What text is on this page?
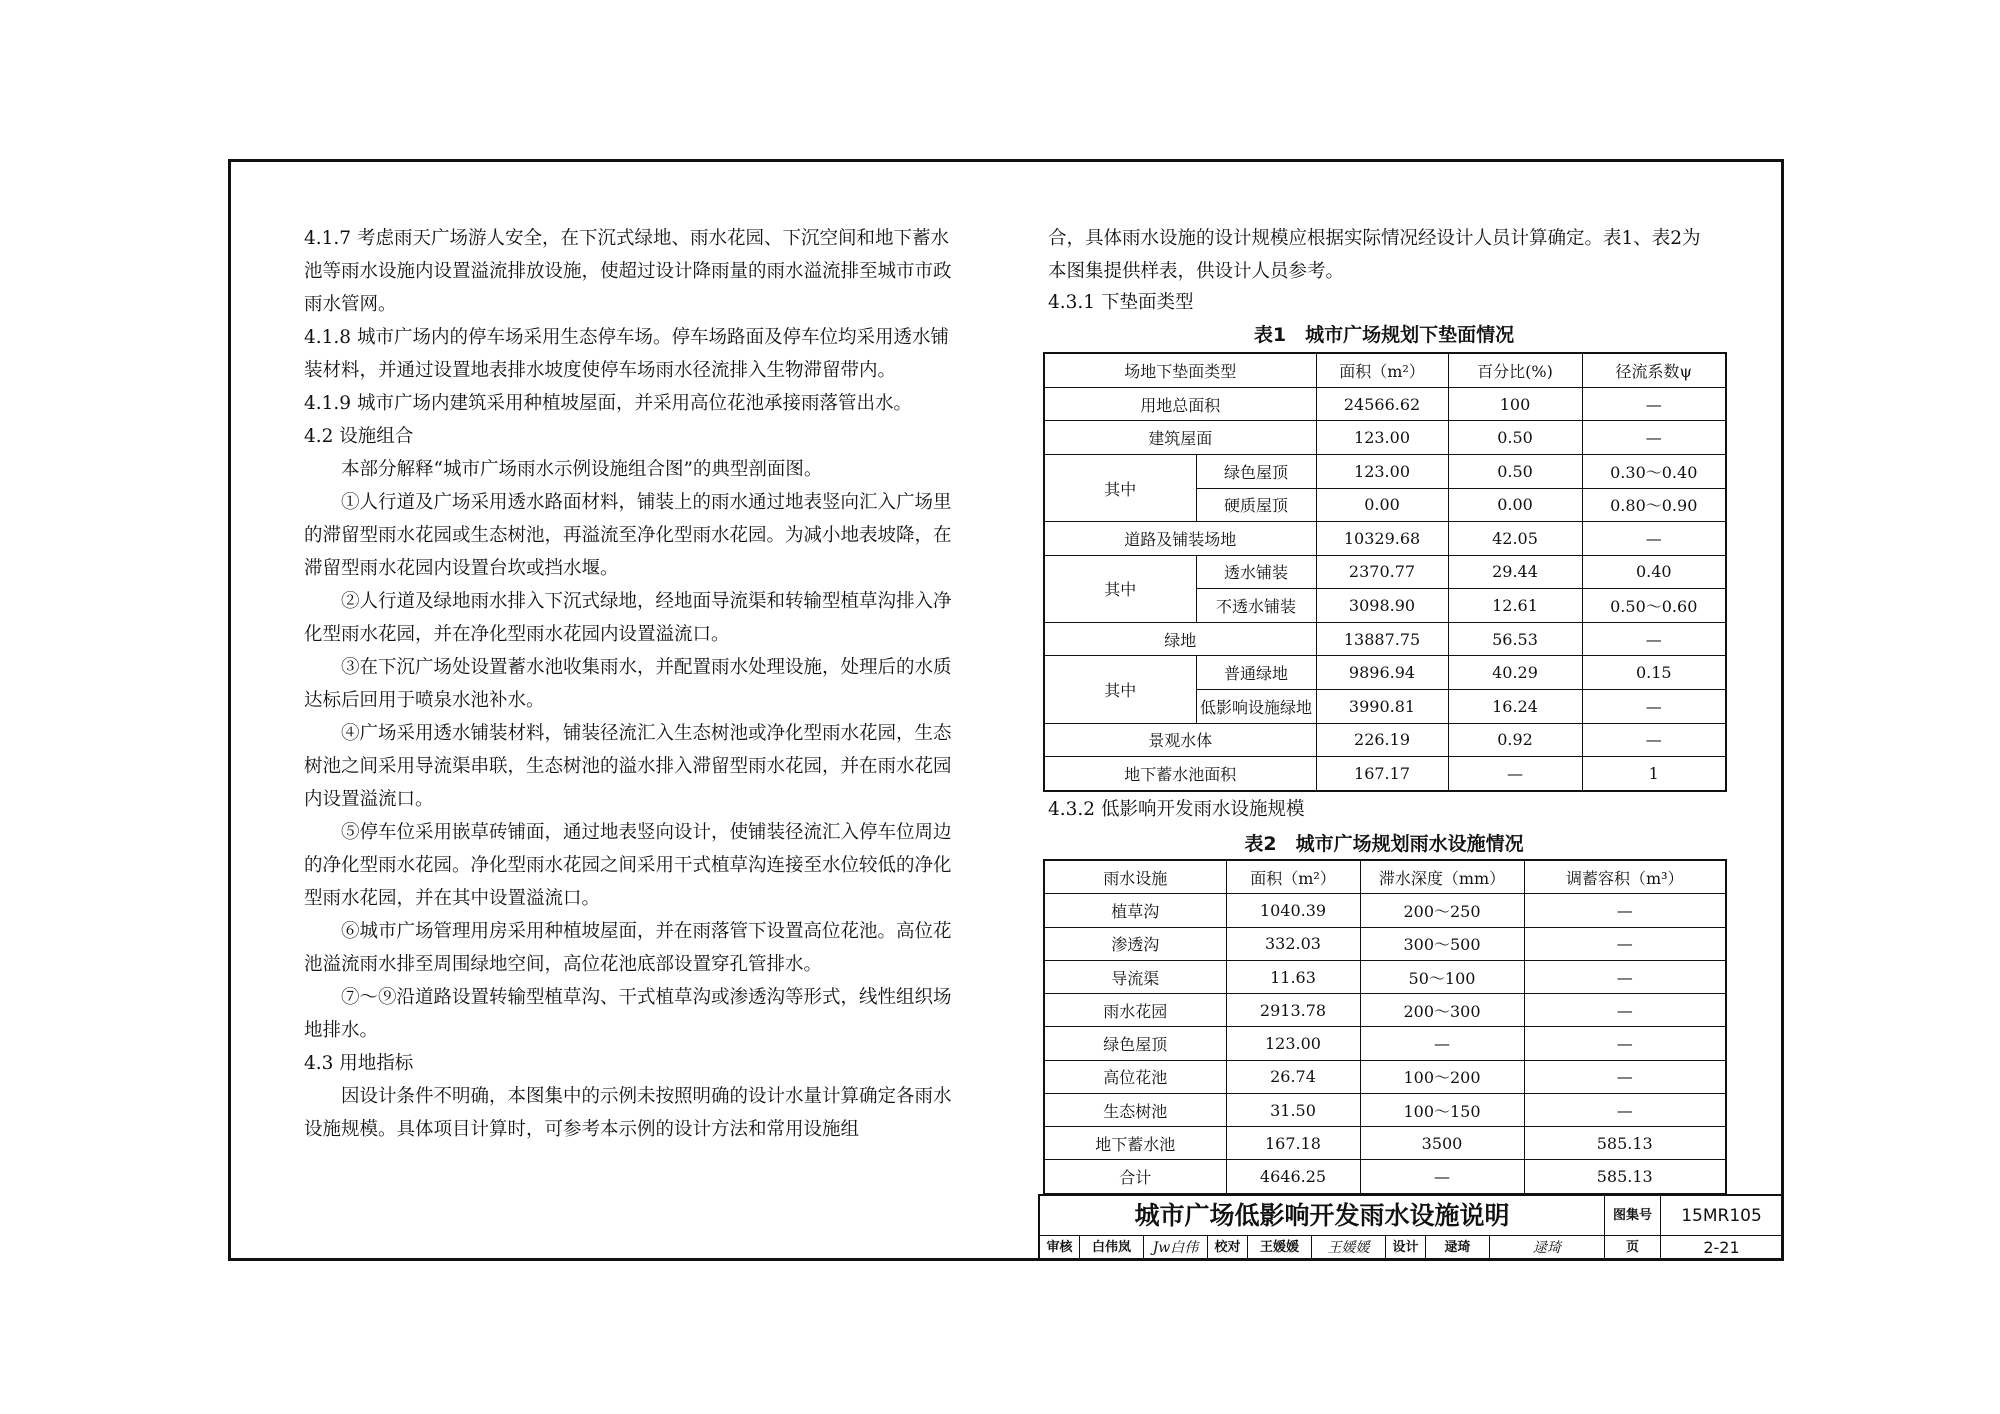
4.1.7 考虑雨天广场游人安全，在下沉式绿地、雨水花园、下沉空间和地下蓄水池等雨水设施内设置溢流排放设施，使超过设计降雨量的雨水溢流排至城市市政雨水管网。

4.1.8 城市广场内的停车场采用生态停车场。停车场路面及停车位均采用透水铺装材料，并通过设置地表排水坡度使停车场雨水径流排入生物滞留带内。

4.1.9 城市广场内建筑采用种植坡屋面，并采用高位花池承接雨落管出水。

4.2 设施组合

本部分解释“城市广场雨水示例设施组合图”的典型剖面图。

①人行道及广场采用透水路面材料，铺装上的雨水通过地表竖向汇入广场里的滞留型雨水花园或生态树池，再溢流至净化型雨水花园。为减小地表坡降，在滞留型雨水花园内设置台坎或挡水堰。

②人行道及绿地雨水排入下沉式绿地，经地面导流渠和转输型植草沟排入净化型雨水花园，并在净化型雨水花园内设置溢流口。

③在下沉广场处设置蓄水池收集雨水，并配置雨水处理设施，处理后的水质达标后回用于喷泉水池补水。

④广场采用透水铺装材料，铺装径流汇入生态树池或净化型雨水花园，生态树池之间采用导流渠串联，生态树池的溢水排入滞留型雨水花园，并在雨水花园内设置溢流口。

⑤停车位采用嵌草砖铺面，通过地表竖向设计，使铺装径流汇入停车位周边的净化型雨水花园。净化型雨水花园之间采用干式植草沟连接至水位较低的净化型雨水花园，并在其中设置溢流口。

⑥城市广场管理用房采用种植坡屋面，并在雨落管下设置高位花池。高位花池溢流雨水排至周围绿地空间，高位花池底部设置穿孔管排水。

⑦～⑨沿道路设置转输型植草沟、干式植草沟或渗透沟等形式，线性组织场地排水。

4.3 用地指标

因设计条件不明确，本图集中的示例未按照明确的设计水量计算确定各雨水设施规模。具体项目计算时，可参考本示例的设计方法和常用设施组

合，具体雨水设施的设计规模应根据实际情况经设计人员计算确定。表1、表2为本图集提供样表，供设计人员参考。

4.3.1 下垫面类型
表1　城市广场规划下垫面情况
场地下垫面类型		面积（m²）	百分比(%)	径流系数ψ
用地总面积		24566.62	100	—
建筑屋面		123.00	0.50	—
其中	绿色屋顶	123.00	0.50	0.30～0.40
	硬质屋顶	0.00	0.00	0.80～0.90
道路及铺装场地		10329.68	42.05	—
其中	透水铺装	2370.77	29.44	0.40
	不透水铺装	3098.90	12.61	0.50～0.60
绿地		13887.75	56.53	—
其中	普通绿地	9896.94	40.29	0.15
	低影响设施绿地	3990.81	16.24	—
景观水体		226.19	0.92	—
地下蓄水池面积		167.17	—	1
4.3.2 低影响开发雨水设施规模
表2　城市广场规划雨水设施情况
雨水设施	面积（m²）	滞水深度（mm）	调蓄容积（m³）
植草沟	1040.39	200～250	—
渗透沟	332.03	300～500	—
导流渠	11.63	50～100	—
雨水花园	2913.78	200～300	—
绿色屋顶	123.00	—	—
高位花池	26.74	100～200	—
生态树池	31.50	100～150	—
地下蓄水池	167.18	3500	585.13
合计	4646.25	—	585.13
城市广场低影响开发雨水设施说明	图集号	15MR105
审核	白伟岚	Jw白伟	校对	王媛媛	王媛媛	设计	逯琦	逯琦	页	2-21
